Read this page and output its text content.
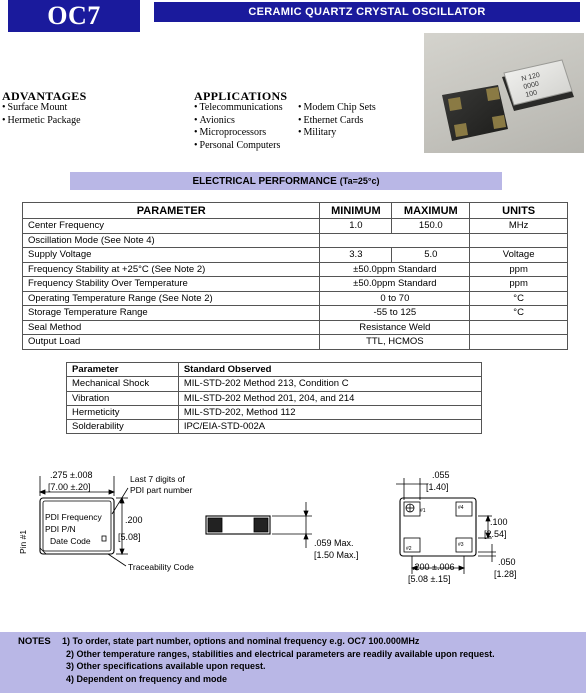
OC7	CERAMIC QUARTZ CRYSTAL OSCILLATOR
N 120
0000
100
ADVANTAGES
• Surface Mount
• Hermetic Package
APPLICATIONS
• Telecommunications
• Avionics
• Microprocessors
• Personal Computers
• Modem Chip Sets
• Ethernet Cards
• Military
ELECTRICAL PERFORMANCE (Ta=25°c)
PARAMETER	MINIMUM	MAXIMUM	UNITS
Center Frequency	1.0	150.0	MHz
Oscillation Mode (See Note 4)			
Supply Voltage	3.3	5.0	Voltage
Frequency Stability at +25°C (See Note 2)	±50.0ppm Standard		ppm
Frequency Stability Over Temperature	±50.0ppm Standard		ppm
Operating Temperature Range (See Note 2)	0 to 70		°C
Storage Temperature Range	-55 to 125		°C
Seal Method	Resistance Weld		
Output Load	TTL, HCMOS		
Parameter	Standard Observed
Mechanical Shock	MIL-STD-202 Method 213, Condition C
Vibration	MIL-STD-202 Method 201, 204, and 214
Hermeticity	MIL-STD-202, Method 112
Solderability	IPC/EIA-STD-002A
.275 ±.008
[7.00 ±.20]
Last 7 digits of
PDI part number
PDI Frequency
PDI P/N
Date Code
.200
[5.08]
Pin #1
Traceability Code
.059 Max.
[1.50 Max.]
.055
[1.40]
.100
[2.54]
.050
[1.28]
.200 ±.006
[5.08 ±.15]
#1	#4
#2
#3
NOTES 1) To order, state part number, options and nominal frequency e.g. OC7 100.000MHz
2) Other temperature ranges, stabilities and electrical parameters are readily available upon request.
3) Other specifications available upon request.
4) Dependent on frequency and mode
